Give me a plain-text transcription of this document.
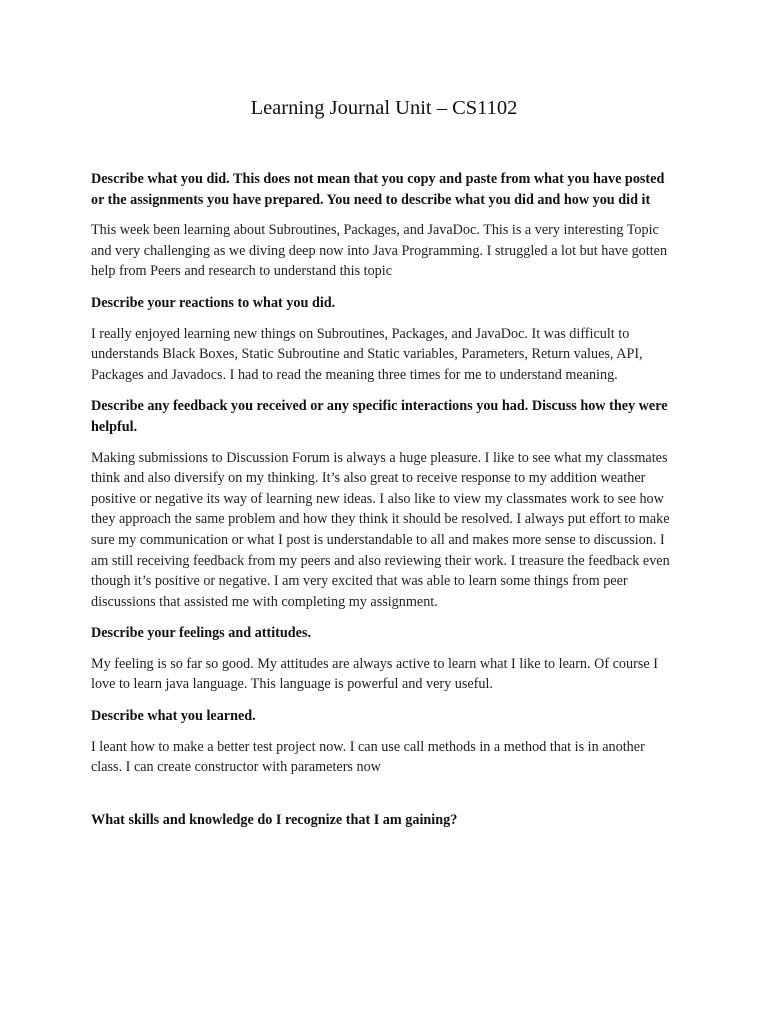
Learning Journal Unit – CS1102

Describe what you did. This does not mean that you copy and paste from what you have posted or the assignments you have prepared. You need to describe what you did and how you did it

This week been learning about Subroutines, Packages, and JavaDoc. This is a very interesting Topic and very challenging as we diving deep now into Java Programming. I struggled a lot but have gotten help from Peers and research to understand this topic

Describe your reactions to what you did.

I really enjoyed learning new things on Subroutines, Packages, and JavaDoc. It was difficult to understands Black Boxes, Static Subroutine and Static variables, Parameters, Return values, API, Packages and Javadocs. I had to read the meaning three times for me to understand meaning.

Describe any feedback you received or any specific interactions you had. Discuss how they were helpful.

Making submissions to Discussion Forum is always a huge pleasure. I like to see what my classmates think and also diversify on my thinking. It’s also great to receive response to my addition weather positive or negative its way of learning new ideas. I also like to view my classmates work to see how they approach the same problem and how they think it should be resolved. I always put effort to make sure my communication or what I post is understandable to all and makes more sense to discussion. I am still receiving feedback from my peers and also reviewing their work. I treasure the feedback even though it’s positive or negative. I am very excited that was able to learn some things from peer discussions that assisted me with completing my assignment.

Describe your feelings and attitudes.

My feeling is so far so good. My attitudes are always active to learn what I like to learn. Of course I love to learn java language. This language is powerful and very useful.

Describe what you learned.

I leant how to make a better test project now. I can use call methods in a method that is in another class. I can create constructor with parameters now

What skills and knowledge do I recognize that I am gaining?
